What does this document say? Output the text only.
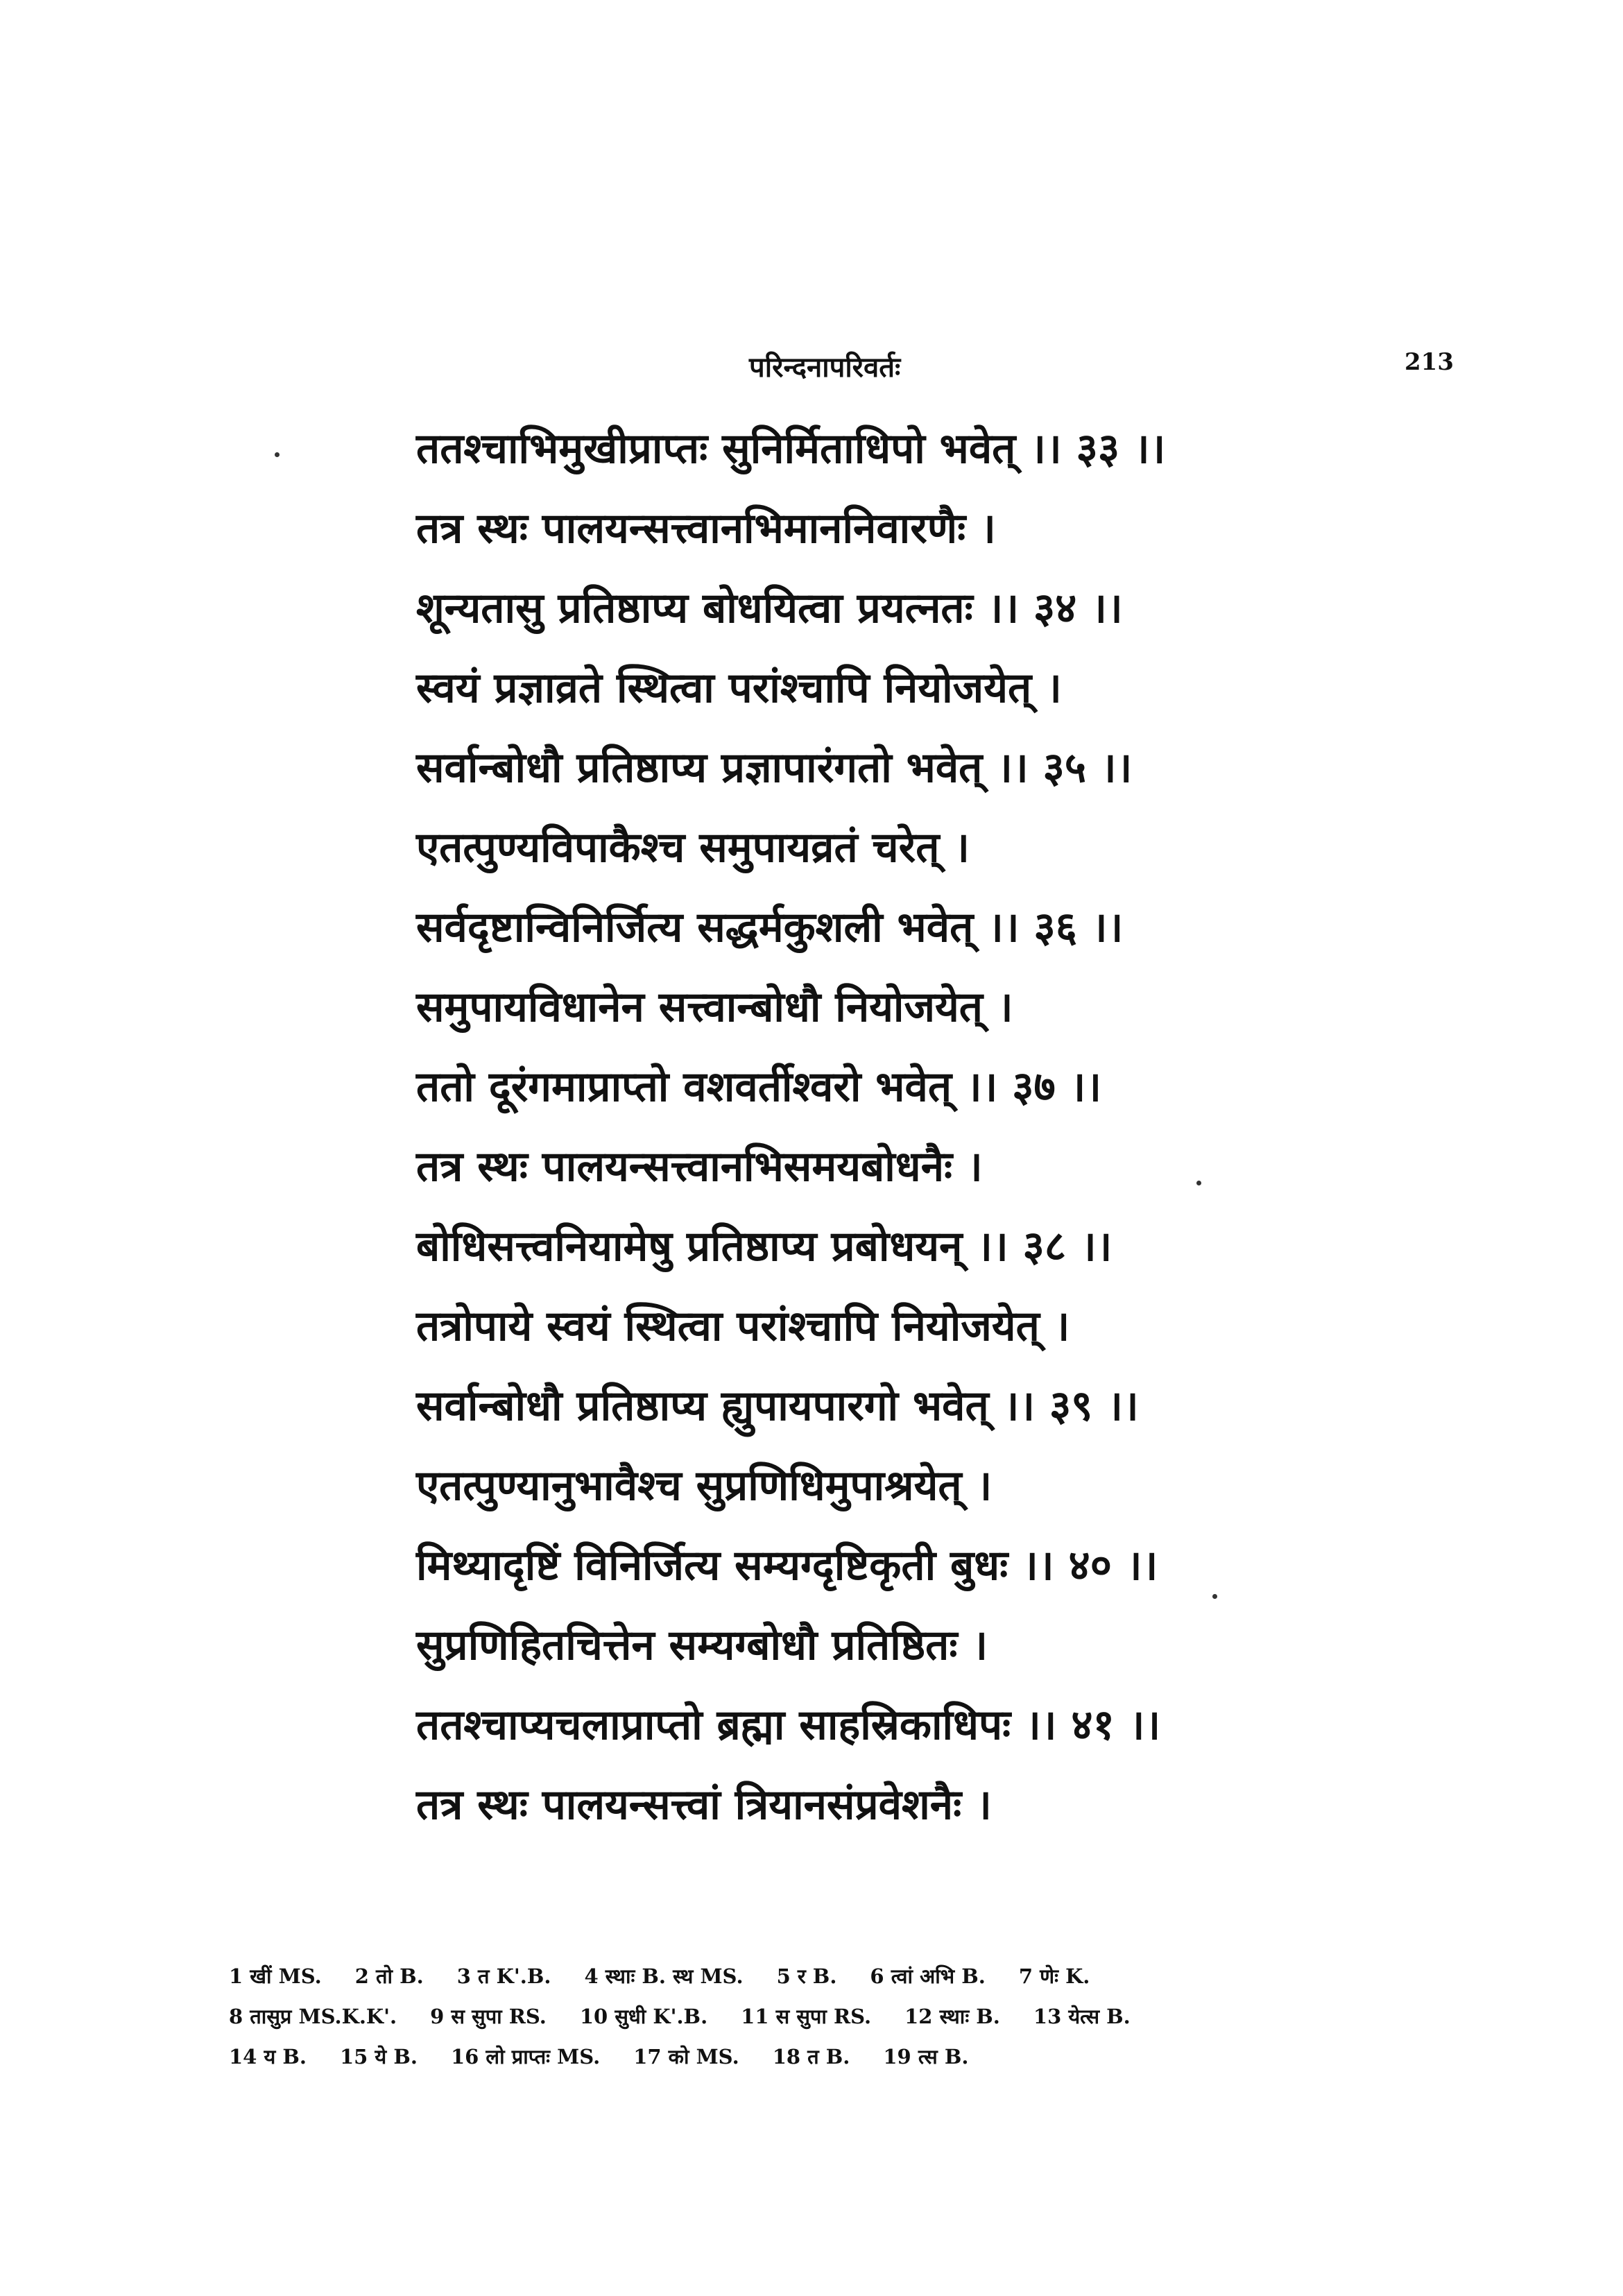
परिन्दनापरिवर्तः	213
ततश्चाभिमुखीप्राप्तः सुनिर्मिताधिपो भवेत् ।। ३३ ।।
तत्र स्थः पालयन्सत्त्वानभिमाननिवारणैः ।
शून्यतासु प्रतिष्ठाप्य बोधयित्वा प्रयत्नतः ।। ३४ ।।
स्वयं प्रज्ञाव्रते स्थित्वा परांश्चापि नियोजयेत् ।
सर्वान्बोधौ प्रतिष्ठाप्य प्रज्ञापारंगतो भवेत् ।। ३५ ।।
एतत्पुण्यविपाकैश्च समुपायव्रतं चरेत् ।
सर्वदृष्टान्विनिर्जित्य सद्धर्मकुशली भवेत् ।। ३६ ।।
समुपायविधानेन सत्त्वान्बोधौ नियोजयेत् ।
ततो दूरंगमाप्राप्तो वशवर्तीश्वरो भवेत् ।। ३७ ।।
तत्र स्थः पालयन्सत्त्वानभिसमयबोधनैः ।
बोधिसत्त्वनियामेषु प्रतिष्ठाप्य प्रबोधयन् ।। ३८ ।।
तत्रोपाये स्वयं स्थित्वा परांश्चापि नियोजयेत् ।
सर्वान्बोधौ प्रतिष्ठाप्य ह्युपायपारगो भवेत् ।। ३९ ।।
एतत्पुण्यानुभावैश्च सुप्रणिधिमुपाश्रयेत् ।
मिथ्यादृष्टिं विनिर्जित्य सम्यग्दृष्टिकृती बुधः ।। ४० ।।
सुप्रणिहितचित्तेन सम्यग्बोधौ प्रतिष्ठितः ।
ततश्चाप्यचलाप्राप्तो ब्रह्मा साहस्रिकाधिपः ।। ४१ ।।
तत्र स्थः पालयन्सत्त्वां त्रियानसंप्रवेशनैः ।
1 खीं MS. 2 तो B. 3 त K'.B. 4 स्थाः B. स्थ MS. 5 र B. 6 त्वां अभि B. 7 णेः K.
8 तासुप्र MS.K.K'. 9 स सुपा RS. 10 सुधी K'.B. 11 स सुपा RS. 12 स्थाः B. 13 येत्स B.
14 य B. 15 ये B. 16 लो प्राप्तः MS. 17 को MS. 18 त B. 19 त्स B.
